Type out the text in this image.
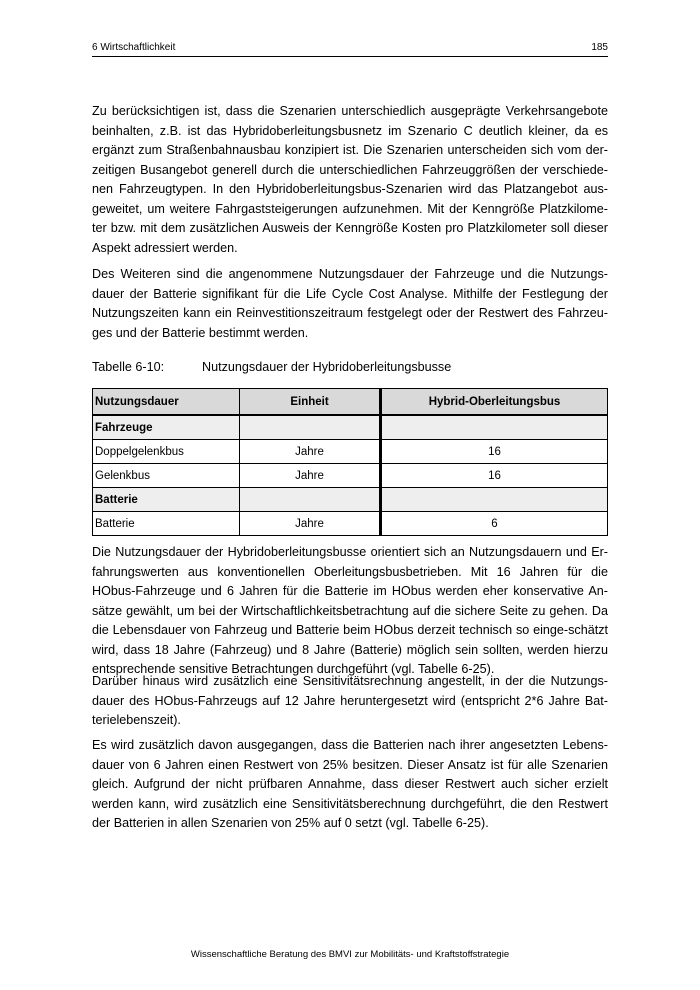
6 Wirtschaftlichkeit	185
Zu berücksichtigen ist, dass die Szenarien unterschiedlich ausgeprägte Verkehrsangebote beinhalten, z.B. ist das Hybridoberleitungsbusnetz im Szenario C deutlich kleiner, da es ergänzt zum Straßenbahnausbau konzipiert ist. Die Szenarien unterscheiden sich vom der-zeitigen Busangebot generell durch die unterschiedlichen Fahrzeuggrößen der verschiede-nen Fahrzeugtypen. In den Hybridoberleitungsbus-Szenarien wird das Platzangebot aus-geweitet, um weitere Fahrgaststeigerungen aufzunehmen. Mit der Kenngröße Platzkilome-ter bzw. mit dem zusätzlichen Ausweis der Kenngröße Kosten pro Platzkilometer soll dieser Aspekt adressiert werden.
Des Weiteren sind die angenommene Nutzungsdauer der Fahrzeuge und die Nutzungs-dauer der Batterie signifikant für die Life Cycle Cost Analyse. Mithilfe der Festlegung der Nutzungszeiten kann ein Reinvestitionszeitraum festgelegt oder der Restwert des Fahrzeu-ges und der Batterie bestimmt werden.
Tabelle 6-10:	Nutzungsdauer der Hybridoberleitungsbusse
Nutzungsdauer	Einheit	Hybrid-Oberleitungsbus
Fahrzeuge		
Doppelgelenkbus	Jahre	16
Gelenkbus	Jahre	16
Batterie		
Batterie	Jahre	6
Die Nutzungsdauer der Hybridoberleitungsbusse orientiert sich an Nutzungsdauern und Er-fahrungswerten aus konventionellen Oberleitungsbusbetrieben. Mit 16 Jahren für die HObus-Fahrzeuge und 6 Jahren für die Batterie im HObus werden eher konservative An-sätze gewählt, um bei der Wirtschaftlichkeitsbetrachtung auf die sichere Seite zu gehen. Da die Lebensdauer von Fahrzeug und Batterie beim HObus derzeit technisch so einge-schätzt wird, dass 18 Jahre (Fahrzeug) und 8 Jahre (Batterie) möglich sein sollten, werden hierzu entsprechende sensitive Betrachtungen durchgeführt (vgl. Tabelle 6-25).
Darüber hinaus wird zusätzlich eine Sensitivitätsrechnung angestellt, in der die Nutzungs-dauer des HObus-Fahrzeugs auf 12 Jahre heruntergesetzt wird (entspricht 2*6 Jahre Bat-terielebenszeit).
Es wird zusätzlich davon ausgegangen, dass die Batterien nach ihrer angesetzten Lebens-dauer von 6 Jahren einen Restwert von 25% besitzen. Dieser Ansatz ist für alle Szenarien gleich. Aufgrund der nicht prüfbaren Annahme, dass dieser Restwert auch sicher erzielt werden kann, wird zusätzlich eine Sensitivitätsberechnung durchgeführt, die den Restwert der Batterien in allen Szenarien von 25% auf 0 setzt (vgl. Tabelle 6-25).
Wissenschaftliche Beratung des BMVI zur Mobilitäts- und Kraftstoffstrategie
